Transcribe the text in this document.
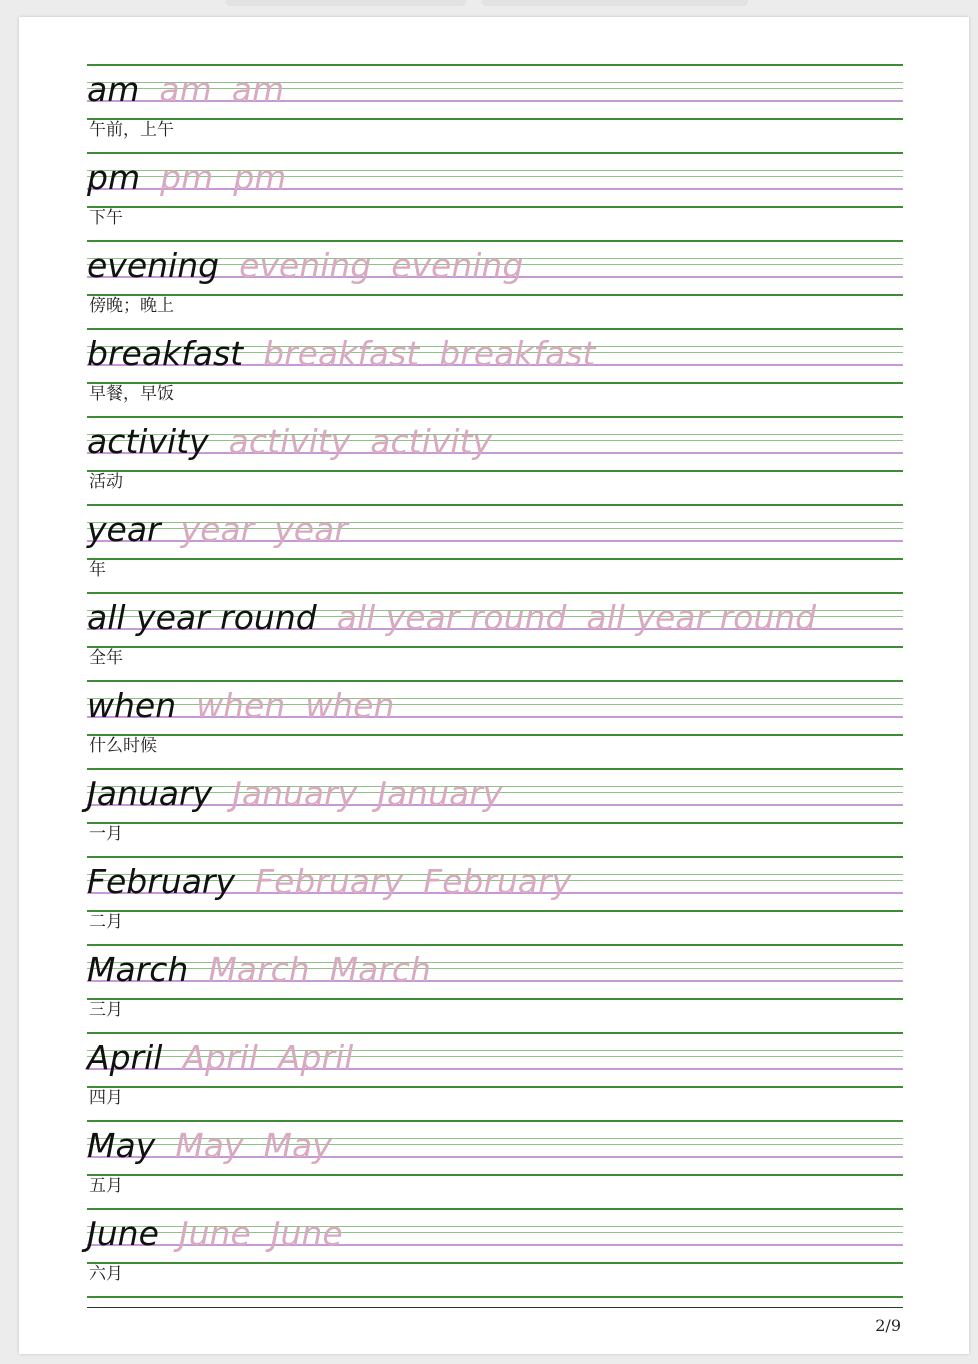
2/9
am am am
午前，上午
pm pm pm
下午
evening evening evening
傍晚；晚上
breakfast breakfast breakfast
早餐，早饭
activity activity activity
活动
year year year
年
all year round all year round all year round
全年
when when when
什么时候
January January January
一月
February February February
二月
March March March
三月
April April April
四月
May May May
五月
June June June
六月
